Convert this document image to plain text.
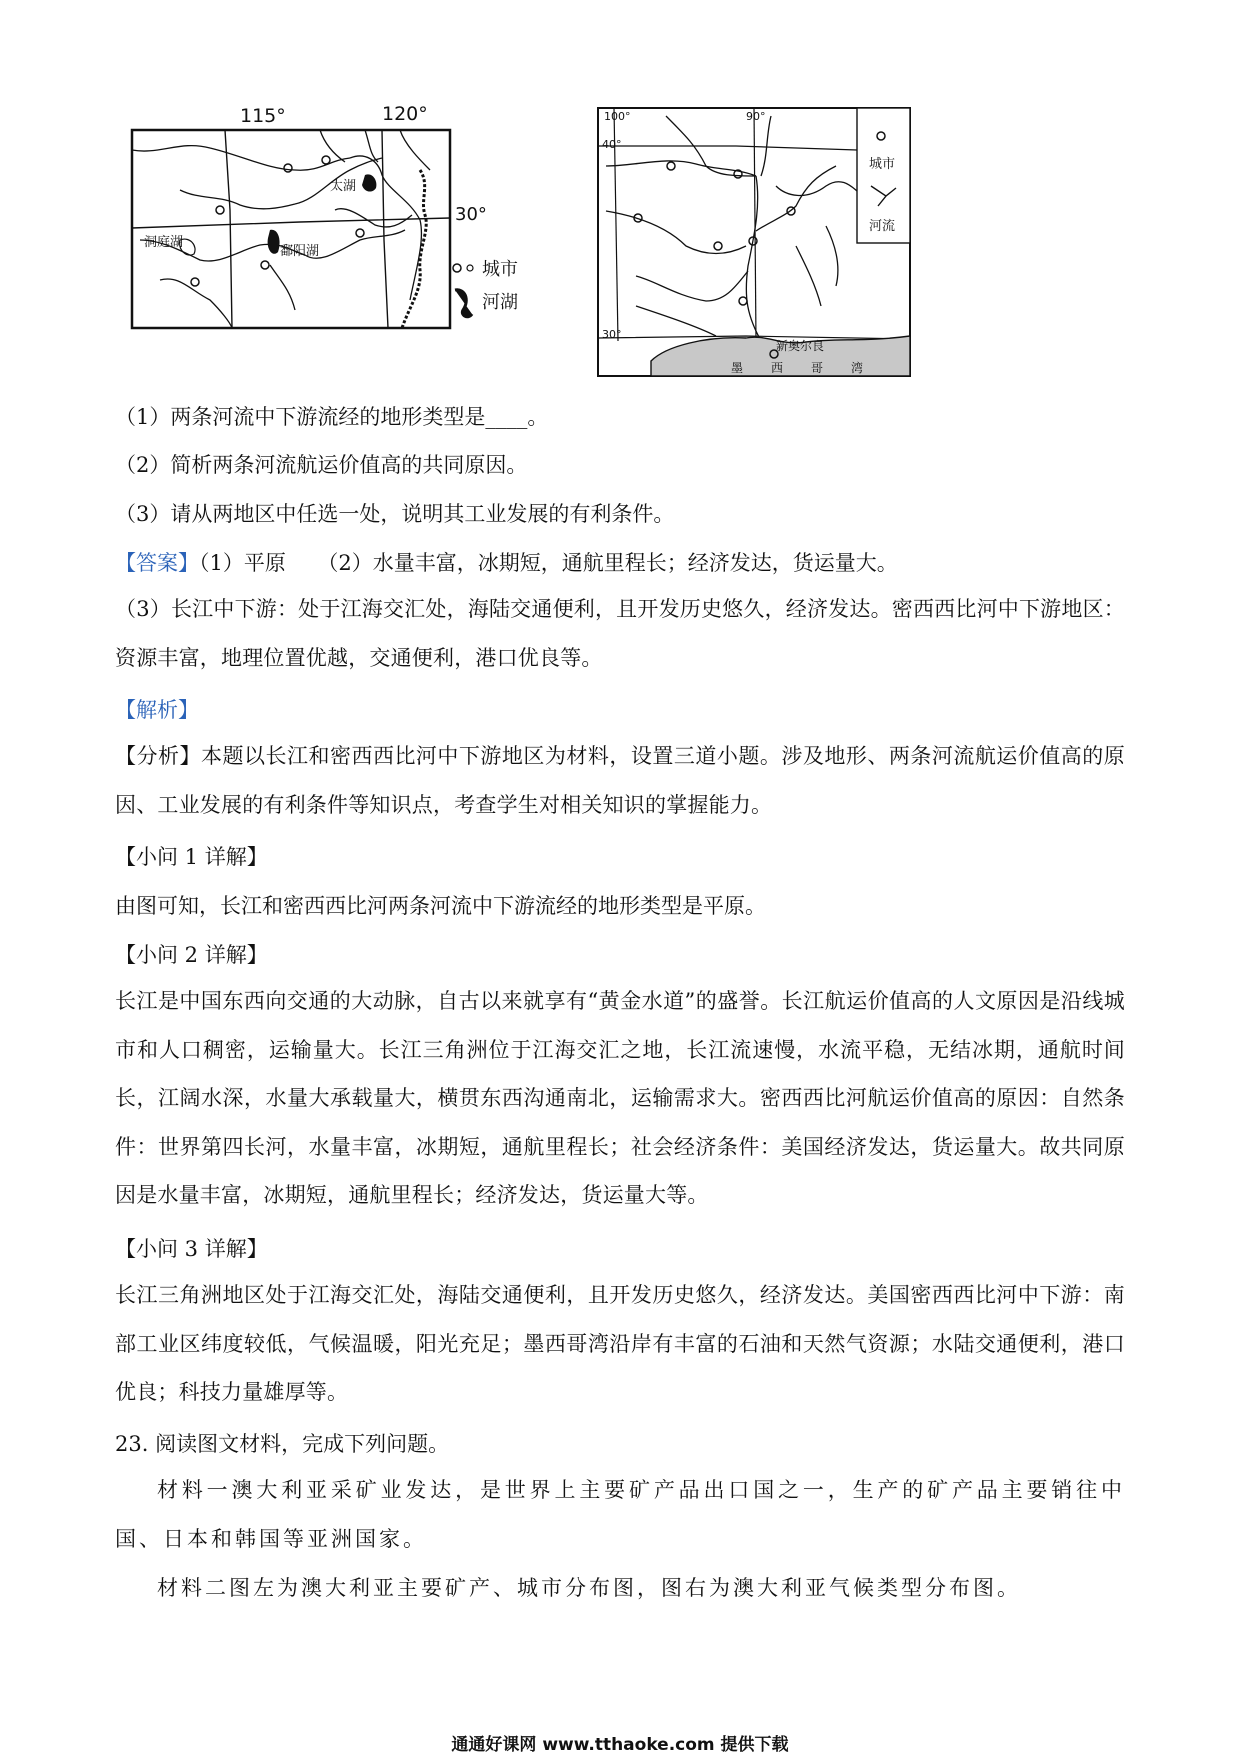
115°	120°
30°
太湖
鄱阳湖
洞庭湖
城市
河湖
城市
河流
100°	90°
40°
30°
新奥尔良
墨 西 哥 湾
（1）两条河流中下游流经的地形类型是____。
（2）简析两条河流航运价值高的共同原因。
（3）请从两地区中任选一处，说明其工业发展的有利条件。
【答案】（1）平原　　（2）水量丰富，冰期短，通航里程长；经济发达，货运量大。
（3）长江中下游：处于江海交汇处，海陆交通便利，且开发历史悠久，经济发达。密西西比河中下游地区：资源丰富，地理位置优越，交通便利，港口优良等。
【解析】
【分析】本题以长江和密西西比河中下游地区为材料，设置三道小题。涉及地形、两条河流航运价值高的原因、工业发展的有利条件等知识点，考查学生对相关知识的掌握能力。
【小问 1 详解】
由图可知，长江和密西西比河两条河流中下游流经的地形类型是平原。
【小问 2 详解】
长江是中国东西向交通的大动脉，自古以来就享有“黄金水道”的盛誉。长江航运价值高的人文原因是沿线城市和人口稠密，运输量大。长江三角洲位于江海交汇之地，长江流速慢，水流平稳，无结冰期，通航时间长，江阔水深，水量大承载量大，横贯东西沟通南北，运输需求大。密西西比河航运价值高的原因：自然条件：世界第四长河，水量丰富，冰期短，通航里程长；社会经济条件：美国经济发达，货运量大。故共同原因是水量丰富，冰期短，通航里程长；经济发达，货运量大等。
【小问 3 详解】
长江三角洲地区处于江海交汇处，海陆交通便利，且开发历史悠久，经济发达。美国密西西比河中下游：南部工业区纬度较低，气候温暖，阳光充足；墨西哥湾沿岸有丰富的石油和天然气资源；水陆交通便利，港口优良；科技力量雄厚等。
23. 阅读图文材料，完成下列问题。
材料一澳大利亚采矿业发达，是世界上主要矿产品出口国之一，生产的矿产品主要销往中国、日本和韩国等亚洲国家。
材料二图左为澳大利亚主要矿产、城市分布图，图右为澳大利亚气候类型分布图。
通通好课网 www.tthaoke.com 提供下载
